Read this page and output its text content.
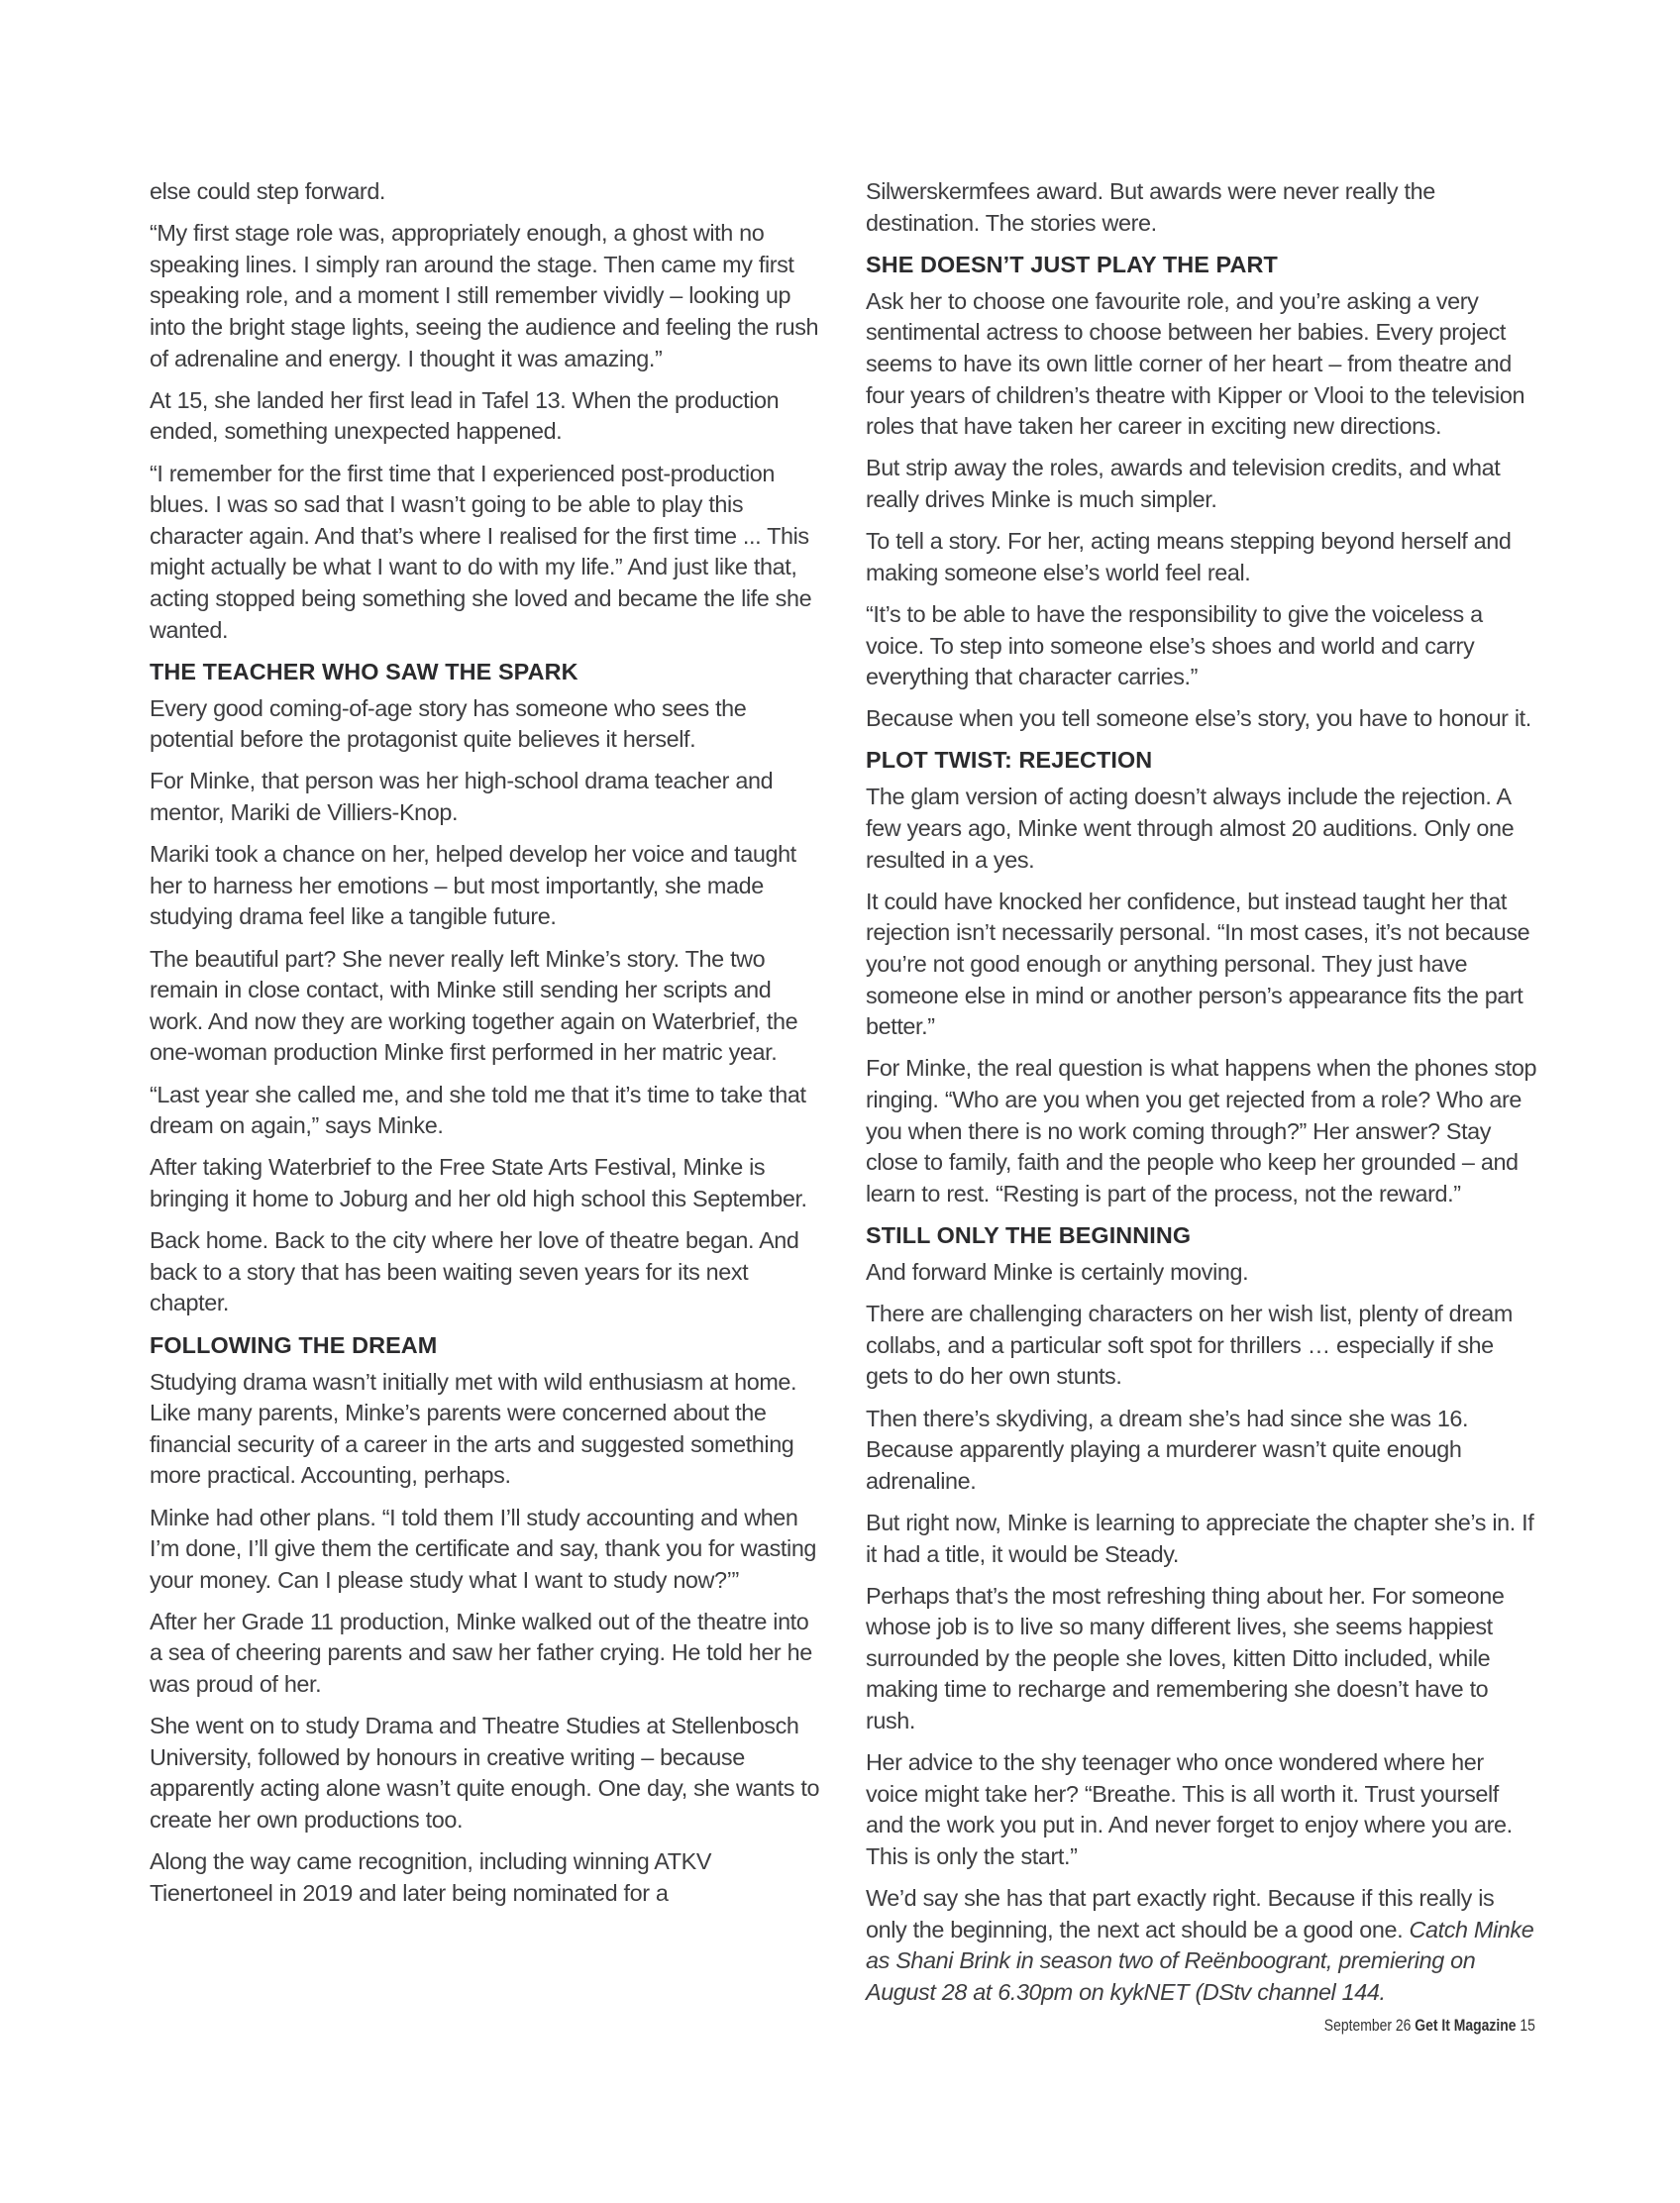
else could step forward.

“My first stage role was, appropriately enough, a ghost with no speaking lines. I simply ran around the stage. Then came my first speaking role, and a moment I still remember vividly – looking up into the bright stage lights, seeing the audience and feeling the rush of adrenaline and energy. I thought it was amazing.”

At 15, she landed her first lead in Tafel 13. When the production ended, something unexpected happened.

“I remember for the first time that I experienced post-production blues. I was so sad that I wasn’t going to be able to play this character again. And that’s where I realised for the first time ... This might actually be what I want to do with my life.” And just like that, acting stopped being something she loved and became the life she wanted.

THE TEACHER WHO SAW THE SPARK

Every good coming-of-age story has someone who sees the potential before the protagonist quite believes it herself.

For Minke, that person was her high-school drama teacher and mentor, Mariki de Villiers-Knop.

Mariki took a chance on her, helped develop her voice and taught her to harness her emotions – but most importantly, she made studying drama feel like a tangible future.

The beautiful part? She never really left Minke’s story. The two remain in close contact, with Minke still sending her scripts and work. And now they are working together again on Waterbrief, the one-woman production Minke first performed in her matric year.

“Last year she called me, and she told me that it’s time to take that dream on again,” says Minke.

After taking Waterbrief to the Free State Arts Festival, Minke is bringing it home to Joburg and her old high school this September.

Back home. Back to the city where her love of theatre began. And back to a story that has been waiting seven years for its next chapter.

FOLLOWING THE DREAM

Studying drama wasn’t initially met with wild enthusiasm at home. Like many parents, Minke’s parents were concerned about the financial security of a career in the arts and suggested something more practical. Accounting, perhaps.

Minke had other plans. “I told them I’ll study accounting and when I’m done, I’ll give them the certificate and say, thank you for wasting your money. Can I please study what I want to study now?’”

After her Grade 11 production, Minke walked out of the theatre into a sea of cheering parents and saw her father crying. He told her he was proud of her.

She went on to study Drama and Theatre Studies at Stellenbosch University, followed by honours in creative writing – because apparently acting alone wasn’t quite enough. One day, she wants to create her own productions too.

Along the way came recognition, including winning ATKV Tienertoneel in 2019 and later being nominated for a

Silwerskermfees award. But awards were never really the destination. The stories were.

SHE DOESN’T JUST PLAY THE PART

Ask her to choose one favourite role, and you’re asking a very sentimental actress to choose between her babies. Every project seems to have its own little corner of her heart – from theatre and four years of children’s theatre with Kipper or Vlooi to the television roles that have taken her career in exciting new directions.

But strip away the roles, awards and television credits, and what really drives Minke is much simpler.

To tell a story. For her, acting means stepping beyond herself and making someone else’s world feel real.

“It’s to be able to have the responsibility to give the voiceless a voice. To step into someone else’s shoes and world and carry everything that character carries.”

Because when you tell someone else’s story, you have to honour it.

PLOT TWIST: REJECTION

The glam version of acting doesn’t always include the rejection. A few years ago, Minke went through almost 20 auditions. Only one resulted in a yes.

It could have knocked her confidence, but instead taught her that rejection isn’t necessarily personal. “In most cases, it’s not because you’re not good enough or anything personal. They just have someone else in mind or another person’s appearance fits the part better.”

For Minke, the real question is what happens when the phones stop ringing. “Who are you when you get rejected from a role? Who are you when there is no work coming through?” Her answer? Stay close to family, faith and the people who keep her grounded – and learn to rest. “Resting is part of the process, not the reward.”

STILL ONLY THE BEGINNING

And forward Minke is certainly moving.

There are challenging characters on her wish list, plenty of dream collabs, and a particular soft spot for thrillers … especially if she gets to do her own stunts.

Then there’s skydiving, a dream she’s had since she was 16. Because apparently playing a murderer wasn’t quite enough adrenaline.

But right now, Minke is learning to appreciate the chapter she’s in. If it had a title, it would be Steady.

Perhaps that’s the most refreshing thing about her. For someone whose job is to live so many different lives, she seems happiest surrounded by the people she loves, kitten Ditto included, while making time to recharge and remembering she doesn’t have to rush.

Her advice to the shy teenager who once wondered where her voice might take her? “Breathe. This is all worth it. Trust yourself and the work you put in. And never forget to enjoy where you are. This is only the start.”

We’d say she has that part exactly right. Because if this really is only the beginning, the next act should be a good one. Catch Minke as Shani Brink in season two of Reënboogrant, premiering on August 28 at 6.30pm on kykNET (DStv channel 144.

September 26 Get It Magazine 15
